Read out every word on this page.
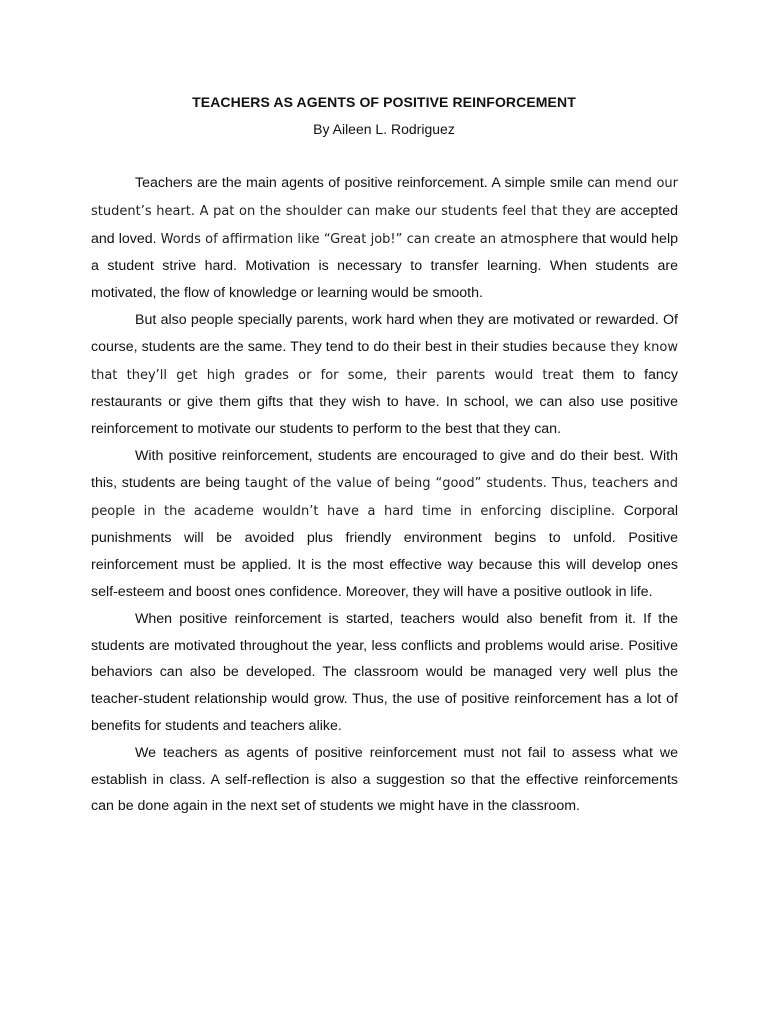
TEACHERS AS AGENTS OF POSITIVE REINFORCEMENT
By Aileen L. Rodriguez

Teachers are the main agents of positive reinforcement. A simple smile can mend our student’s heart. A pat on the shoulder can make our students feel that they are accepted and loved. Words of affirmation like “Great job!” can create an atmosphere that would help a student strive hard. Motivation is necessary to transfer learning. When students are motivated, the flow of knowledge or learning would be smooth.

But also people specially parents, work hard when they are motivated or rewarded. Of course, students are the same. They tend to do their best in their studies because they know that they’ll get high grades or for some, their parents would treat them to fancy restaurants or give them gifts that they wish to have. In school, we can also use positive reinforcement to motivate our students to perform to the best that they can.

With positive reinforcement, students are encouraged to give and do their best. With this, students are being taught of the value of being “good” students. Thus, teachers and people in the academe wouldn’t have a hard time in enforcing discipline. Corporal punishments will be avoided plus friendly environment begins to unfold. Positive reinforcement must be applied. It is the most effective way because this will develop ones self-esteem and boost ones confidence. Moreover, they will have a positive outlook in life.

When positive reinforcement is started, teachers would also benefit from it. If the students are motivated throughout the year, less conflicts and problems would arise. Positive behaviors can also be developed. The classroom would be managed very well plus the teacher-student relationship would grow. Thus, the use of positive reinforcement has a lot of benefits for students and teachers alike.

We teachers as agents of positive reinforcement must not fail to assess what we establish in class. A self-reflection is also a suggestion so that the effective reinforcements can be done again in the next set of students we might have in the classroom.
